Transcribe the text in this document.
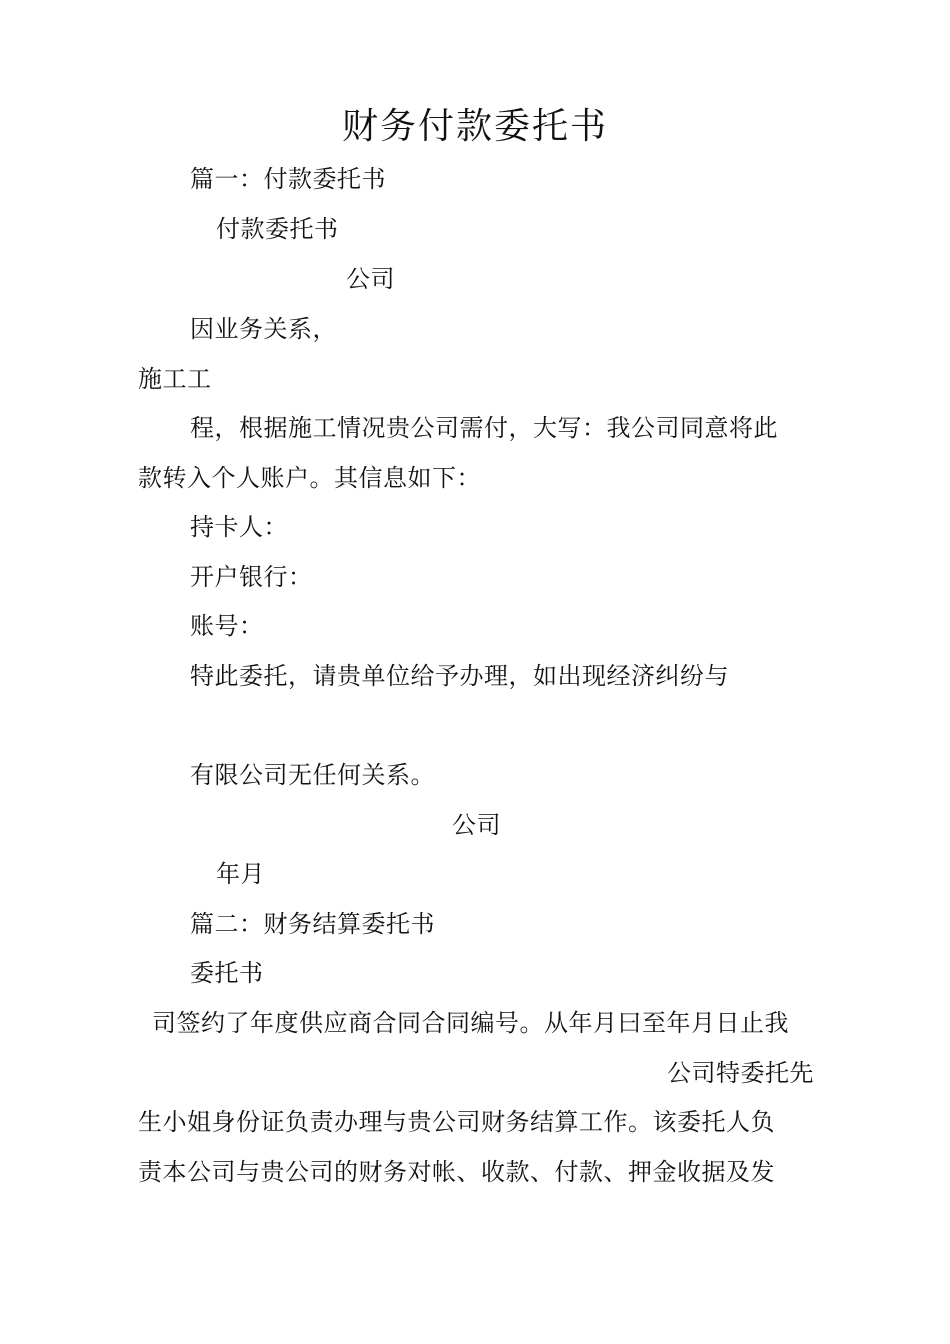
财务付款委托书
篇一：付款委托书
付款委托书
公司
因业务关系，
施工工
程，根据施工情况贵公司需付，大写：我公司同意将此
款转入个人账户。其信息如下：
持卡人：
开户银行：
账号：
特此委托，请贵单位给予办理，如出现经济纠纷与
有限公司无任何关系。
公司
年月
篇二：财务结算委托书
委托书
司签约了年度供应商合同合同编号。从年月曰至年月日止我
公司特委托先
生小姐身份证负责办理与贵公司财务结算工作。该委托人负
责本公司与贵公司的财务对帐、收款、付款、押金收据及发
